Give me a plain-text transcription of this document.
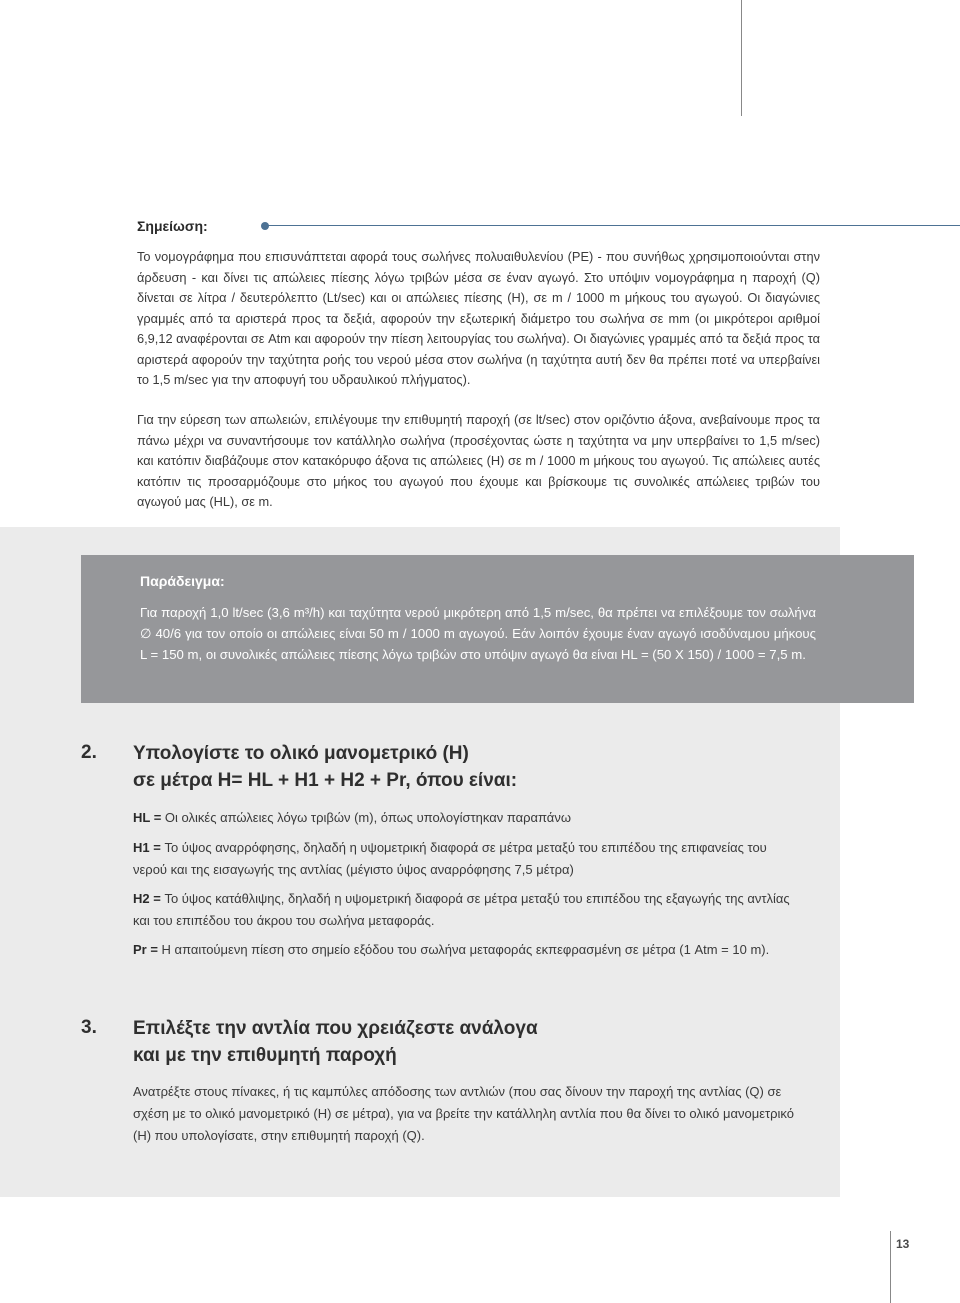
Σημείωση:

Το νομογράφημα που επισυνάπτεται αφορά τους σωλήνες πολυαιθυλενίου (PE) - που συνήθως χρησιμοποιούνται στην άρδευση - και δίνει τις απώλειες πίεσης λόγω τριβών μέσα σε έναν αγωγό. Στο υπόψιν νομογράφημα η παροχή (Q) δίνεται σε λίτρα / δευτερόλεπτο (Lt/sec) και οι απώλειες πίεσης (H), σε m / 1000 m μήκους του αγωγού. Οι διαγώνιες γραμμές από τα αριστερά προς τα δεξιά, αφορούν την εξωτερική διάμετρο του σωλήνα σε mm (οι μικρότεροι αριθμοί 6,9,12 αναφέρονται σε Atm και αφορούν την πίεση λειτουργίας του σωλήνα). Οι διαγώνιες γραμμές από τα δεξιά προς τα αριστερά αφορούν την ταχύτητα ροής του νερού μέσα στον σωλήνα (η ταχύτητα αυτή δεν θα πρέπει ποτέ να υπερβαίνει το 1,5 m/sec για την αποφυγή του υδραυλικού πλήγματος).

Για την εύρεση των απωλειών, επιλέγουμε την επιθυμητή παροχή (σε lt/sec) στον οριζόντιο άξονα, ανεβαίνουμε προς τα πάνω μέχρι να συναντήσουμε τον κατάλληλο σωλήνα (προσέχοντας ώστε η ταχύτητα να μην υπερβαίνει το 1,5 m/sec) και κατόπιν διαβάζουμε στον κατακόρυφο άξονα τις απώλειες (H) σε m / 1000 m μήκους του αγωγού. Τις απώλειες αυτές κατόπιν τις προσαρμόζουμε στο μήκος του αγωγού που έχουμε και βρίσκουμε τις συνολικές απώλειες τριβών του αγωγού μας (HL), σε m.

Παράδειγμα:

Για παροχή 1,0 lt/sec (3,6 m³/h) και ταχύτητα νερού μικρότερη από 1,5 m/sec, θα πρέπει να επιλέξουμε τον σωλήνα ∅ 40/6 για τον οποίο οι απώλειες είναι 50 m / 1000 m αγωγού. Εάν λοιπόν έχουμε έναν αγωγό ισοδύναμου μήκους L = 150 m, οι συνολικές απώλειες πίεσης λόγω τριβών στο υπόψιν αγωγό θα είναι HL = (50 X 150) / 1000 = 7,5 m.

2. Υπολογίστε το ολικό μανομετρικό (H)
σε μέτρα H= HL + H1 + H2 + Pr, όπου είναι:

HL = Οι ολικές απώλειες λόγω τριβών (m), όπως υπολογίστηκαν παραπάνω

H1 = Το ύψος αναρρόφησης, δηλαδή η υψομετρική διαφορά σε μέτρα μεταξύ του επιπέδου της επιφανείας του νερού και της εισαγωγής της αντλίας (μέγιστο ύψος αναρρόφησης 7,5 μέτρα)

H2 = Το ύψος κατάθλιψης, δηλαδή η υψομετρική διαφορά σε μέτρα μεταξύ του επιπέδου της εξαγωγής της αντλίας και του επιπέδου του άκρου του σωλήνα μεταφοράς.

Pr = Η απαιτούμενη πίεση στο σημείο εξόδου του σωλήνα μεταφοράς εκπεφρασμένη σε μέτρα (1 Atm = 10 m).

3. Επιλέξτε την αντλία που χρειάζεστε ανάλογα
και με την επιθυμητή παροχή

Ανατρέξτε στους πίνακες, ή τις καμπύλες απόδοσης των αντλιών (που σας δίνουν την παροχή της αντλίας (Q) σε σχέση με το ολικό μανομετρικό (H) σε μέτρα), για να βρείτε την κατάλληλη αντλία που θα δίνει το ολικό μανομετρικό (H) που υπολογίσατε, στην επιθυμητή παροχή (Q).

13
